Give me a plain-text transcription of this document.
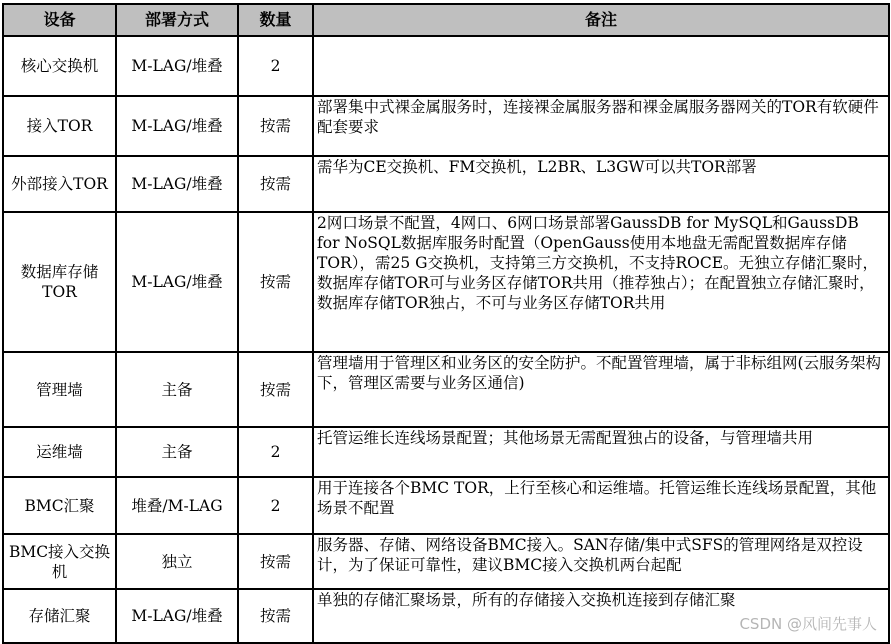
设备	部署方式	数量	备注
核心交换机	M-LAG/堆叠	2	
接入TOR	M-LAG/堆叠	按需	部署集中式裸金属服务时，连接裸金属服务器和裸金属服务器网关的TOR有软硬件配套要求
外部接入TOR	M-LAG/堆叠	按需	需华为CE交换机、FM交换机，L2BR、L3GW可以共TOR部署
数据库存储TOR	M-LAG/堆叠	按需	2网口场景不配置，4网口、6网口场景部署GaussDB for MySQL和GaussDB for NoSQL数据库服务时配置（OpenGauss使用本地盘无需配置数据库存储TOR），需25 G交换机，支持第三方交换机，不支持ROCE。无独立存储汇聚时，数据库存储TOR可与业务区存储TOR共用（推荐独占）；在配置独立存储汇聚时，数据库存储TOR独占，不可与业务区存储TOR共用
管理墙	主备	按需	管理墙用于管理区和业务区的安全防护。不配置管理墙，属于非标组网(云服务架构下，管理区需要与业务区通信)
运维墙	主备	2	托管运维长连线场景配置；其他场景无需配置独占的设备，与管理墙共用
BMC汇聚	堆叠/M-LAG	2	用于连接各个BMC TOR，上行至核心和运维墙。托管运维长连线场景配置，其他场景不配置
BMC接入交换机	独立	按需	服务器、存储、网络设备BMC接入。SAN存储/集中式SFS的管理网络是双控设计，为了保证可靠性，建议BMC接入交换机两台起配
存储汇聚	M-LAG/堆叠	按需	单独的存储汇聚场景，所有的存储接入交换机连接到存储汇聚
CSDN @风间先事人
